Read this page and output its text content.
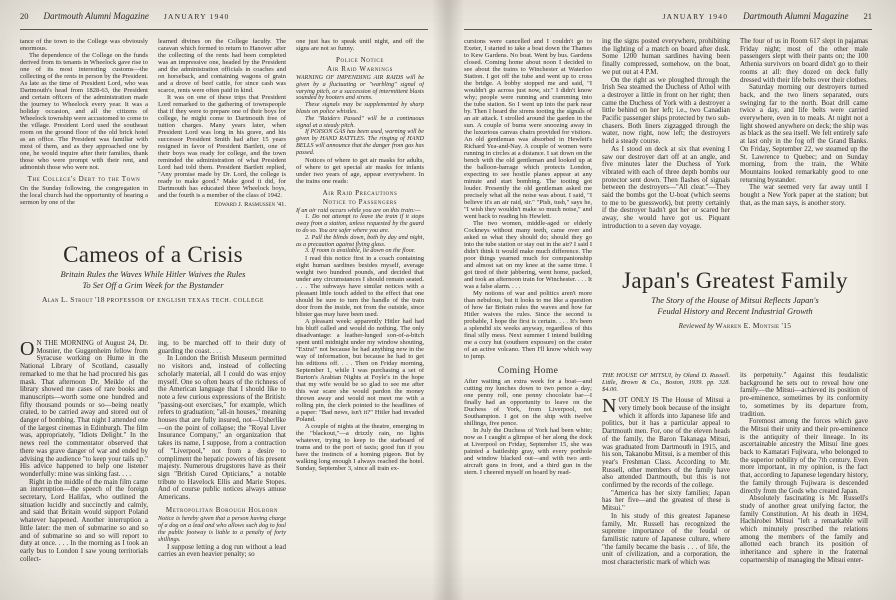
20 Dartmouth Alumni Magazine JANUARY 1940

tance of the town to the College was obviously enormous.

The dependence of the College on the funds derived from its tenants in Wheelock gave rise to one of its most interesting customs—the collecting of the rents in person by the President. As late as the time of President Lord, who was Dartmouth's head from 1828-63, the President and certain officers of the administration made the journey to Wheelock every year. It was a holiday occasion, and all the citizens of Wheelock township were accustomed to come to the village. President Lord used the southeast room on the ground floor of the old brick hotel as an office. The President was familiar with most of them, and as they approached one by one, he would inquire after their families, thank those who were prompt with their rent, and admonish those who were not.

The College's Debt to the Town

On the Sunday following, the congregation in the local church had the opportunity of hearing a sermon by one of the

learned divines on the College faculty. The caravan which formed to return to Hanover after the collecting of the rents had been completed was an impressive one, headed by the President and the administration officials in coaches and on horseback, and containing wagons of grain and a drove of beef cattle, for since cash was scarce, rents were often paid in kind.

It was on one of these trips that President Lord remarked to the gathering of townspeople that if they were to prepare one of their boys for college, he might come to Dartmouth free of tuition charges. Many years later, when President Lord was long in his grave, and his successor President Smith had after 15 years resigned in favor of President Bartlett, one of their boys was ready for college, and the town reminded the administration of what President Lord had told them. President Bartlett replied, "Any promise made by Dr. Lord, the college is ready to make good." Make good it did, for Dartmouth has educated three Wheelock boys, and the fourth is a member of the class of 1942.

Edward J. Rasmussen '41.

Cameos of a Crisis

Britain Rules the Waves While Hitler Waives the Rules

To Set Off a Grim Week for the Bystander

Alan L. Strout '18 PROFESSOR OF ENGLISH TEXAS TECH. COLLEGE

O N THE MORNING of August 24, Dr. Mosnier, the Guggenheim fellow from Syracuse working on Hume in the National Library of Scotland, casually remarked to me that he had procured his gas mask. That afternoon Dr. Meikle of the library showed me cases of rare books and manuscripts—worth some one hundred and fifty thousand pounds or so—being neatly crated, to be carried away and stored out of danger of bombing. That night I attended one of the largest cinemas in Edinburgh. The film was, appropriately, "Idiots Delight." In the news reel the commentator observed that there was grave danger of war and ended by advising the audience "to keep your tails up." His advice happened to help one listener wonderfully: mine was sinking fast. . . .

Right in the middle of the main film came an interruption—the speech of the foreign secretary, Lord Halifax, who outlined the situation lucidly and succinctly and calmly, and said that Britain would support Poland whatever happened. Another interruption a little later: the men of submarine so and so and of submarine so and so will report to duty at once. . . . In the morning as I took an early bus to London I saw young territorials collect-

ing, to be marched off to their duty of guarding the coast. . . .

In London the British Museum permitted no visitors and, instead of collecting scholarly material, all I could do was enjoy myself. One so often hears of the richness of the American language that I should like to note a few curious expressions of the British: "passing-out exercises," for example, which refers to graduation; "all-in houses," meaning houses that are fully insured, not—Usherlike—on the point of collapse; the "Royal Liver Insurance Company," an organization that takes its name, I suppose, from a contraction of "Liverpool," not from a desire to compliment the hepatic powers of his present majesty. Numerous drugstores have as their sign "British Cured Opticians," a notable tribute to Havelock Ellis and Marie Stopes. And of course public notices always amuse Americans.

Metropolitan Borough Holborn

Notice is hereby given that a person having charge of a dog on a lead and who allows such dog to foul the public footway is liable to a penalty of forty shillings.

I suppose letting a dog run without a lead carries an even heavier penalty; so

one just has to speak until night, and off the signs are not so funny.

Police Notice

Air Raid Warnings

WARNING OF IMPENDING AIR RAIDS will be given by a fluctuating or "warbling" signal of varying pitch, or a succession of intermittent blasts sounded by hooters and sirens.

These signals may be supplemented by sharp blasts on police whistles.

The "Raiders Passed" will be a continuous signal at a steady pitch.

If POISON GAS has been used, warning will be given by HAND RATTLES. The ringing of HAND BELLS will announce that the danger from gas has passed.

Notices of where to get air masks for adults, of where to get special air masks for infants under two years of age, appear everywhere. In the trains one reads:

Air Raid Precautions

Notice to Passengers

If an air raid occurs while you are on this train:—

1. Do not attempt to leave the train if it stops away from a station, unless requested by the guard to do so. You are safer where you are.

2. Pull the blinds down, both by day and night, as a precaution against flying glass.

3. If room is available, lie down on the floor.

I read this notice first in a coach containing eight human sardines besides myself, average weight two hundred pounds, and decided that under any circumstances I should remain seated. . . . The subways have similar notices with a pleasant little touch added to the effect that one should be sure to turn the handle of the train door from the inside, not from the outside, since blister gas may have been used.

A pleasant week: apparently Hitler had had his bluff called and would do nothing. The only disadvantage: a leather-lunged son-of-a-bitch spent until midnight under my window shouting, "Extra!" not because he had anything new in the way of information, but because he had to get his editions off. . . . Then on Friday morning, September 1, while I was purchasing a set of Burton's Arabian Nights at Foyle's in the hope that my wife would be so glad to see me after this war scare she would pardon the money thrown away and would not meet me with a rolling pin, the clerk pointed to the headlines of a paper: "Bad news, isn't it?" Hitler had invaded Poland.

A couple of nights at the theatre, emerging in the "blackout,"—a drizzly rain, no lights whatever, trying to keep to the starboard of trams and to the port of taxis; good fun if you have the instincts of a homing pigeon. But by walking long enough I always reached the hotel. Sunday, September 3, since all train ex-

JANUARY 1940 Dartmouth Alumni Magazine 21

cursions were cancelled and I couldn't go to Exeter, I started to take a boat down the Thames to Kew Gardens. No boat. Went by bus. Gardens closed. Coming home about noon I decided to see about the trains to Winchester at Waterloo Station. I got off the tube and went up to cross the bridge. A bobby stopped me and said, "I wouldn't go across just now, sir." I didn't know why; people were running and cramming into the tube station. So I went up into the park near by. Then I heard the sirens tooting the signals of an air attack. I strolled around the garden in the sun. A couple of bums were snoozing away in the luxurious canvas chairs provided for visitors. An old gentleman was absorbed in Hewlett's Richard Yea-and-Nay. A couple of women were running in circles at a distance. I sat down on the bench with the old gentleman and looked up at the balloon-barrage which protects London, expecting to see hostile planes appear at any minute and start bombing. The tooting got louder. Presently the old gentleman asked me precisely what all the noise was about. I said, "I believe it's an air raid, sir." "Pish, tush," says he, "I wish they wouldn't make so much noise," and went back to reading his Hewlett.

The two women, middle-aged or elderly Cockneys without many teeth, came over and asked us what they should do; should they go into the tube station or stay out in the air? I said I didn't think it would make much difference. The poor things yearned much for companionship and almost sat on my knee at the same time. I got tired of their jabbering, went home, packed, and took an afternoon train for Winchester. . . . It was a false alarm. . . .

My notions of war and politics aren't more than nebulous, but it looks to me like a question of how far Britain rules the waves and how far Hitler waives the rules. Since the second is probable, I hope the first is certain. . . . It's been a splendid six weeks anyway, regardless of this final silly mess. Next summer I intend building me a cozy hut (southern exposure) on the crater of an active volcano. Then I'll know which way to jump.

Coming Home

After waiting an extra week for a boat—and cutting my lunches down to two pence a day; one penny roll, one penny chocolate bar—I finally had an opportunity to leave on the Duchess of York, from Liverpool, not Southampton. I got on the ship with twelve shillings, five pence.

In July the Duchess of York had been white; now as I caught a glimpse of her along the dock at Liverpool on Friday, September 15, she was painted a battleship gray, with every porthole and window blacked out—and with two anti-aircraft guns in front, and a third gun in the stern. I cheered myself on board by read-

ing the signs posted everywhere, prohibiting the lighting of a match on board after dusk. Some 1200 human sardines having been finally compressed, somehow, on the boat, we put out at 4 P.M.

On the right as we ploughed through the Irish Sea steamed the Duchess of Athol with a destroyer a little in front on her right; then came the Duchess of York with a destroyer a little behind on her left; i.e., two Canadian Pacific passenger ships protected by two sub-chasers. Both liners zigzagged through the water, now right, now left; the destroyers held a steady course.

As I stood on deck at six that evening I saw our destroyer dart off at an angle, and five minutes later the Duchess of York vibrated with each of three depth bombs our protector sent down. Then flashes of signals between the destroyers—"All clear."—They said the bombs got the U-boat (which seems to me to be guesswork), but pretty certainly if the destroyer hadn't got her or scared her away, she would have got us. Piquant introduction to a seven day voyage.

The four of us in Room 617 slept in pajamas Friday night; most of the other male passengers slept with their pants on; the 100 Athenia survivors on board didn't go to their rooms at all: they dozed on deck fully dressed with their life belts over their clothes.

Saturday morning our destroyers turned back, and the two liners separated, ours swinging far to the north. Boat drill came twice a day, and life belts were carried everywhere, even in to meals. At night not a light showed anywhere on deck; the ship was as black as the sea itself. We felt entirely safe at last only in the fog off the Grand Banks. On Friday, September 22, we steamed up the St. Lawrence to Quebec; and on Sunday morning, from the train, the White Mountains looked remarkably good to one returning bystander.

The war seemed very far away until I bought a New York paper at the station; but that, as the man says, is another story.

Japan's Greatest Family

The Story of the House of Mitsui Reflects Japan's

Feudal History and Recent Industrial Growth

Reviewed by Warren E. Montsie '15

THE HOUSE OF MITSUI, by Oland D. Russell. Little, Brown & Co., Boston, 1939. pp. 328. $4.00.

NOT ONLY IS The House of Mitsui a very timely book because of the insight which it affords into Japanese life and politics, but it has a particular appeal to Dartmouth men. For, one of the eleven heads of the family, the Baron Takanaga Mitsui, was graduated from Dartmouth in 1915, and his son, Takanobu Mitsui, is a member of this year's Freshman Class. According to Mr. Russell, other members of the family have also attended Dartmouth, but this is not confirmed by the records of the college.

"America has her sixty families; Japan has her five—and the greatest of these is Mitsui."

In his study of this greatest Japanese family, Mr. Russell has recognized the supreme importance of the feudal or familistic nature of Japanese culture, where "the family became the basis . . . of life, the unit of civilization, and a corporation, the most characteristic mark of which was

its perpetuity." Against this feudalistic background he sets out to reveal how one family—the Mitsui—achieved its position of pre-eminence, sometimes by its conformity to, sometimes by its departure from, tradition.

Foremost among the forces which gave the Mitsui their unity and their pre-eminence is the antiquity of their lineage. In its ascertainable ancestry the Mitsui line goes back to Kamatari Fujiwara, who belonged to the superior nobility of the 7th century. Even more important, in my opinion, is the fact that, according to Japanese legendary history, the family through Fujiwara is descended directly from the Gods who created Japan.

Absolutely fascinating is Mr. Russell's study of another great unifying factor, the family Constitution. At his death in 1694, Hachirobei Mitsui "left a remarkable will which minutely prescribed the relations among the members of the family and allotted each branch its position of inheritance and sphere in the fraternal copartnership of managing the Mitsui enter-
